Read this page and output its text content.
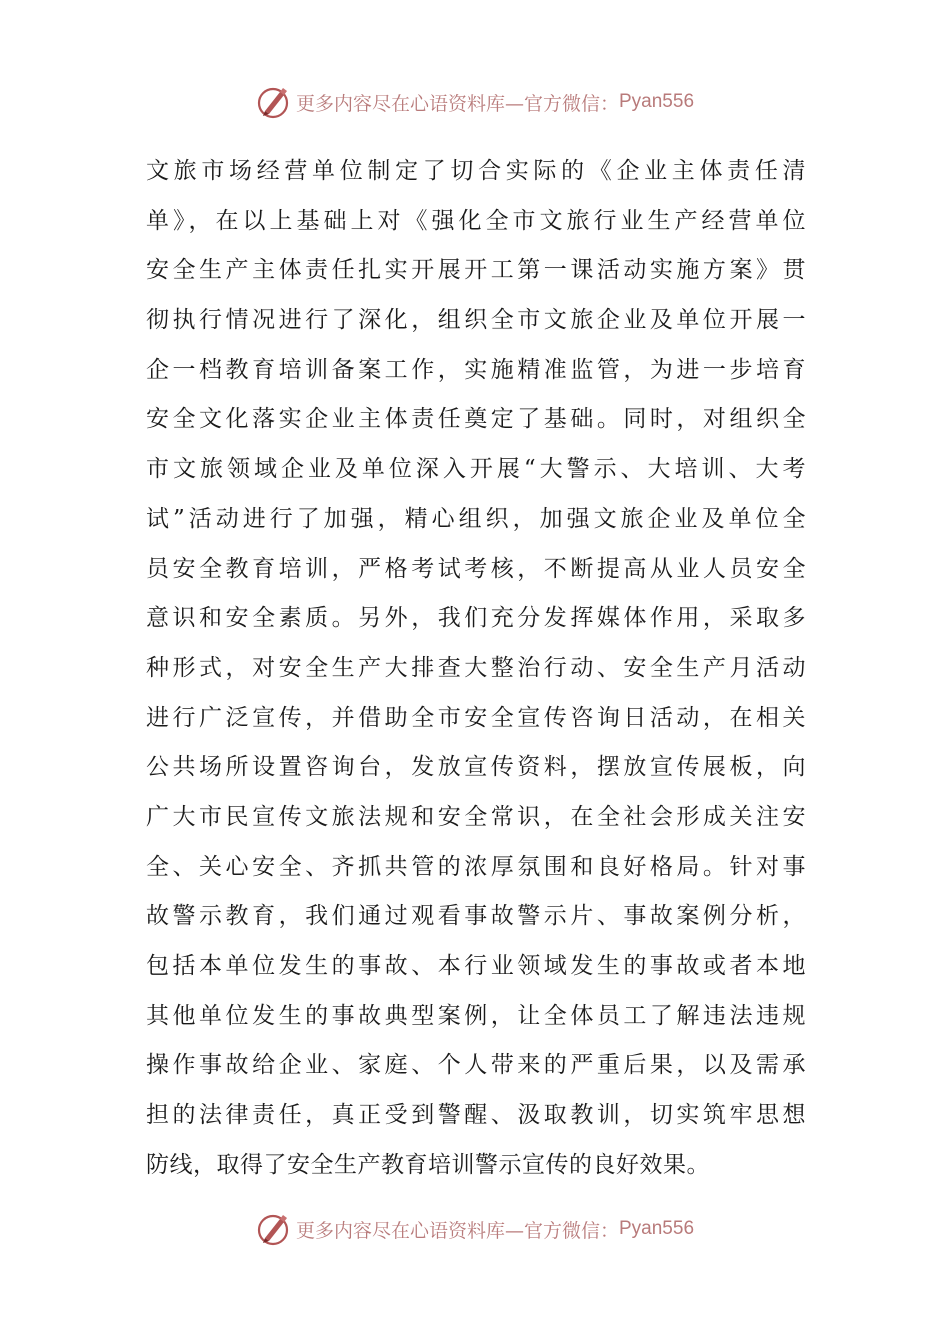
更多内容尽在心语资料库—官方微信： Pyan556
文旅市场经营单位制定了切合实际的《企业主体责任清
单》，在以上基础上对《强化全市文旅行业生产经营单位
安全生产主体责任扎实开展开工第一课活动实施方案》贯
彻执行情况进行了深化，组织全市文旅企业及单位开展一
企一档教育培训备案工作，实施精准监管，为进一步培育
安全文化落实企业主体责任奠定了基础。同时，对组织全
市文旅领域企业及单位深入开展“大警示、大培训、大考
试”活动进行了加强，精心组织，加强文旅企业及单位全
员安全教育培训，严格考试考核，不断提高从业人员安全
意识和安全素质。另外，我们充分发挥媒体作用，采取多
种形式，对安全生产大排查大整治行动、安全生产月活动
进行广泛宣传，并借助全市安全宣传咨询日活动，在相关
公共场所设置咨询台，发放宣传资料，摆放宣传展板，向
广大市民宣传文旅法规和安全常识，在全社会形成关注安
全、关心安全、齐抓共管的浓厚氛围和良好格局。针对事
故警示教育，我们通过观看事故警示片、事故案例分析，
包括本单位发生的事故、本行业领域发生的事故或者本地
其他单位发生的事故典型案例，让全体员工了解违法违规
操作事故给企业、家庭、个人带来的严重后果，以及需承
担的法律责任，真正受到警醒、汲取教训，切实筑牢思想
防线，取得了安全生产教育培训警示宣传的良好效果。
更多内容尽在心语资料库—官方微信： Pyan556
